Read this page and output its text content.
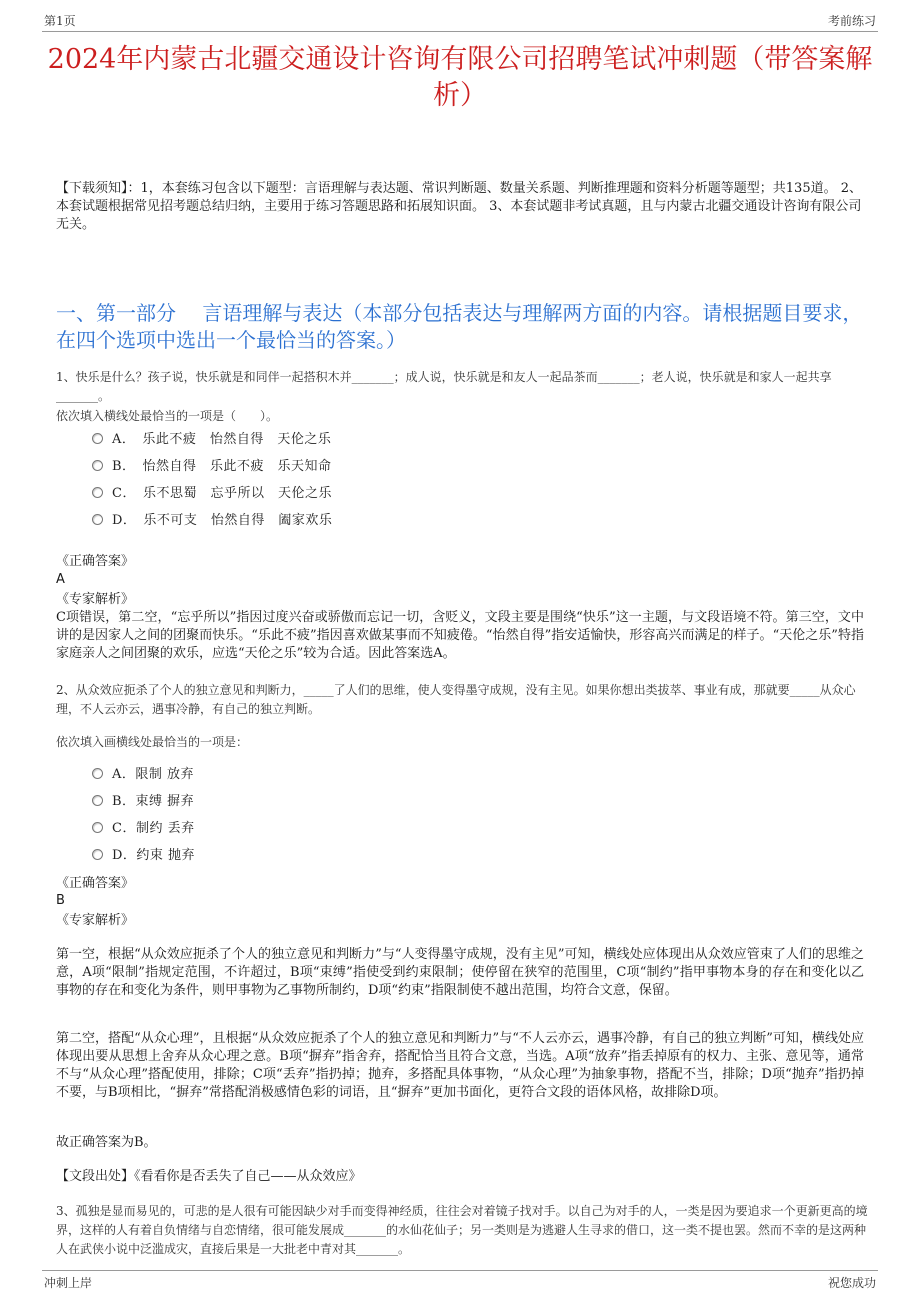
第1页	考前练习
2024年内蒙古北疆交通设计咨询有限公司招聘笔试冲刺题（带答案解析）
【下载须知】：1，本套练习包含以下题型：言语理解与表达题、常识判断题、数量关系题、判断推理题和资料分析题等题型；共135道。 2、本套试题根据常见招考题总结归纳，主要用于练习答题思路和拓展知识面。 3、本套试题非考试真题，且与内蒙古北疆交通设计咨询有限公司无关。
一、第一部分　 言语理解与表达（本部分包括表达与理解两方面的内容。请根据题目要求，在四个选项中选出一个最恰当的答案。）
1、快乐是什么？孩子说，快乐就是和同伴一起搭积木并_______；成人说，快乐就是和友人一起品茶而_______；老人说，快乐就是和家人一起共享_______。
依次填入横线处最恰当的一项是（　　）。
A．　乐此不疲　怡然自得　天伦之乐
B．　怡然自得　乐此不疲　乐天知命
C．　乐不思蜀　忘乎所以　天伦之乐
D．　乐不可支　怡然自得　阖家欢乐
《正确答案》
A
《专家解析》
C项错误，第二空，“忘乎所以”指因过度兴奋或骄傲而忘记一切，含贬义，文段主要是围绕“快乐”这一主题，与文段语境不符。第三空，文中讲的是因家人之间的团聚而快乐。“乐此不疲”指因喜欢做某事而不知疲倦。“怡然自得”指安适愉快，形容高兴而满足的样子。“天伦之乐”特指家庭亲人之间团聚的欢乐，应选“天伦之乐”较为合适。因此答案选A。
2、从众效应扼杀了个人的独立意见和判断力，_____了人们的思维，使人变得墨守成规，没有主见。如果你想出类拔萃、事业有成，那就要_____从众心理，不人云亦云，遇事冷静，有自己的独立判断。
依次填入画横线处最恰当的一项是：
A．限制 放弃
B．束缚 摒弃
C．制约 丢弃
D．约束 抛弃
《正确答案》
B
《专家解析》
第一空，根据“从众效应扼杀了个人的独立意见和判断力”与“人变得墨守成规，没有主见”可知，横线处应体现出从众效应管束了人们的思维之意，A项“限制”指规定范围，不许超过，B项“束缚”指使受到约束限制；使停留在狭窄的范围里，C项“制约”指甲事物本身的存在和变化以乙事物的存在和变化为条件，则甲事物为乙事物所制约，D项“约束”指限制使不越出范围，均符合文意，保留。
第二空，搭配“从众心理”，且根据“从众效应扼杀了个人的独立意见和判断力”与“不人云亦云，遇事冷静，有自己的独立判断”可知，横线处应体现出要从思想上舍弃从众心理之意。B项“摒弃”指舍弃，搭配恰当且符合文意，当选。A项“放弃”指丢掉原有的权力、主张、意见等，通常不与“从众心理”搭配使用，排除；C项“丢弃”指扔掉；抛弃，多搭配具体事物，“从众心理”为抽象事物，搭配不当，排除；D项“抛弃”指扔掉不要，与B项相比，“摒弃”常搭配消极感情色彩的词语，且“摒弃”更加书面化，更符合文段的语体风格，故排除D项。
故正确答案为B。
【文段出处】《看看你是否丢失了自己——从众效应》
3、孤独是显而易见的，可悲的是人很有可能因缺少对手而变得神经质，往往会对着镜子找对手。以自己为对手的人，一类是因为要追求一个更新更高的境界，这样的人有着自负情绪与自恋情绪，很可能发展成_______的水仙花仙子；另一类则是为逃避人生寻求的借口，这一类不提也罢。然而不幸的是这两种人在武侠小说中泛滥成灾，直接后果是一大批老中青对其_______。
冲刺上岸	祝您成功
